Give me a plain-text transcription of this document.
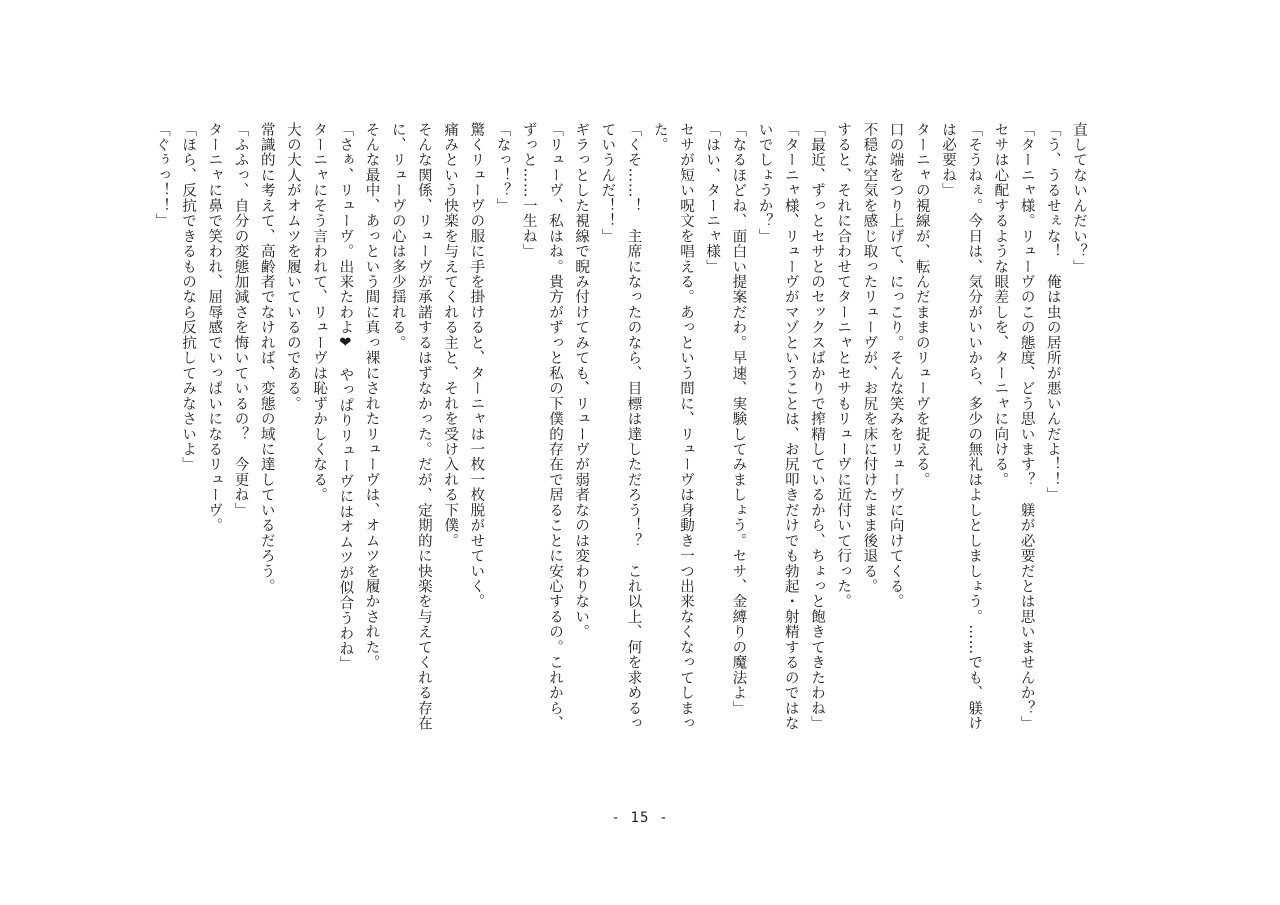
直してないんだい？」
「う、うるせぇな！　俺は虫の居所が悪いんだよ！！」
「ターニャ様。リューヴのこの態度、どう思います？　躾が必要だとは思いませんか？」
セサは心配するような眼差しを、ターニャに向ける。
「そうねぇ。今日は、気分がいいから、多少の無礼はよしとしましょう。……でも、躾け
は必要ね」
ターニャの視線が、転んだままのリューヴを捉える。
口の端をつり上げて、にっこり。そんな笑みをリューヴに向けてくる。
不穏な空気を感じ取ったリューヴが、お尻を床に付けたまま後退る。
すると、それに合わせてターニャとセサもリューヴに近付いて行った。
「最近、ずっとセサとのセックスばかりで搾精しているから、ちょっと飽きてきたわね」
「ターニャ様、リューヴがマゾということは、お尻叩きだけでも勃起・射精するのではな
いでしょうか？」
「なるほどね、面白い提案だわ。早速、実験してみましょう。セサ、金縛りの魔法よ」
「はい、ターニャ様」
セサが短い呪文を唱える。あっという間に、リューヴは身動き一つ出来なくなってしまっ
た。
「くそ……！　主席になったのなら、目標は達しただろう！？　これ以上、何を求めるっ
ていうんだ！！」
ギラっとした視線で睨み付けてみても、リューヴが弱者なのは変わりない。
「リューヴ、私はね。貴方がずっと私の下僕的存在で居ることに安心するの。これから、
ずっと……一生ね」
「なっ！？」
驚くリューヴの服に手を掛けると、ターニャは一枚一枚脱がせていく。
痛みという快楽を与えてくれる主と、それを受け入れる下僕。
そんな関係、リューヴが承諾するはずなかった。だが、定期的に快楽を与えてくれる存在
に、リューヴの心は多少揺れる。
そんな最中、あっという間に真っ裸にされたリューヴは、オムツを履かされた。
「さぁ、リューヴ。出来たわよ❤　やっぱりリューヴにはオムツが似合うわね」
ターニャにそう言われて、リューヴは恥ずかしくなる。
大の大人がオムツを履いているのである。
常識的に考えて、高齢者でなければ、変態の域に達しているだろう。
「ふふっ、自分の変態加減さを悔いているの？　今更ね」
ターニャに鼻で笑われ、屈辱感でいっぱいになるリューヴ。
「ほら、反抗できるものなら反抗してみなさいよ」
「ぐぅっ！！」
- 15 -
